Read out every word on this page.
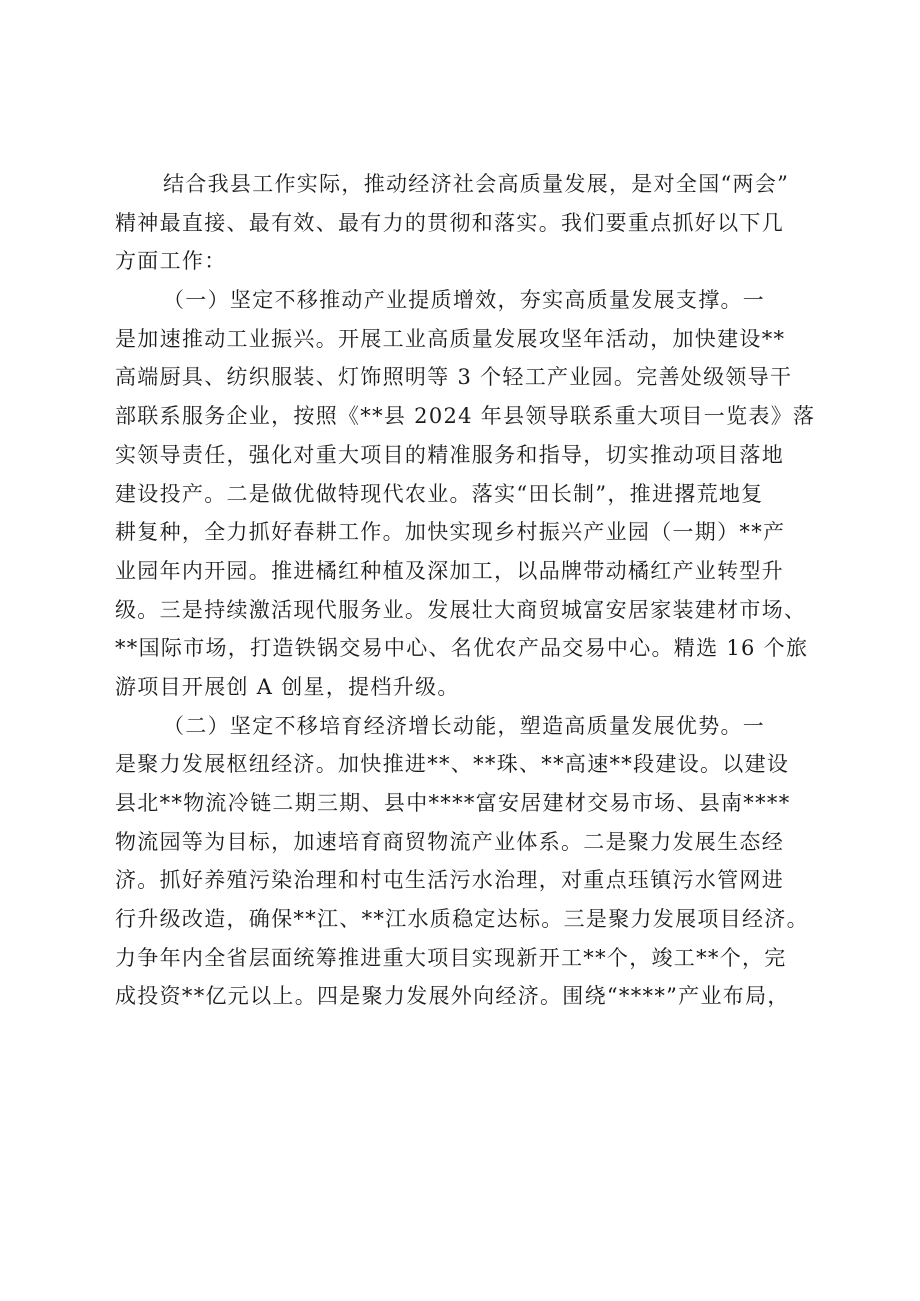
结合我县工作实际，推动经济社会高质量发展，是对全国“两会”
精神最直接、最有效、最有力的贯彻和落实。我们要重点抓好以下几
方面工作：
（一）坚定不移推动产业提质增效，夯实高质量发展支撑。一
是加速推动工业振兴。开展工业高质量发展攻坚年活动，加快建设**
高端厨具、纺织服装、灯饰照明等 3 个轻工产业园。完善处级领导干
部联系服务企业，按照《**县 2024 年县领导联系重大项目一览表》落
实领导责任，强化对重大项目的精准服务和指导，切实推动项目落地
建设投产。二是做优做特现代农业。落实“田长制”，推进撂荒地复
耕复种，全力抓好春耕工作。加快实现乡村振兴产业园（一期）**产
业园年内开园。推进橘红种植及深加工，以品牌带动橘红产业转型升
级。三是持续激活现代服务业。发展壮大商贸城富安居家装建材市场、
**国际市场，打造铁锅交易中心、名优农产品交易中心。精选 16 个旅
游项目开展创 A 创星，提档升级。
（二）坚定不移培育经济增长动能，塑造高质量发展优势。一
是聚力发展枢纽经济。加快推进**、**珠、**高速**段建设。以建设
县北**物流冷链二期三期、县中****富安居建材交易市场、县南****
物流园等为目标，加速培育商贸物流产业体系。二是聚力发展生态经
济。抓好养殖污染治理和村屯生活污水治理，对重点珏镇污水管网进
行升级改造，确保**江、**江水质稳定达标。三是聚力发展项目经济。
力争年内全省层面统筹推进重大项目实现新开工**个，竣工**个，完
成投资**亿元以上。四是聚力发展外向经济。围绕“****”产业布局，
